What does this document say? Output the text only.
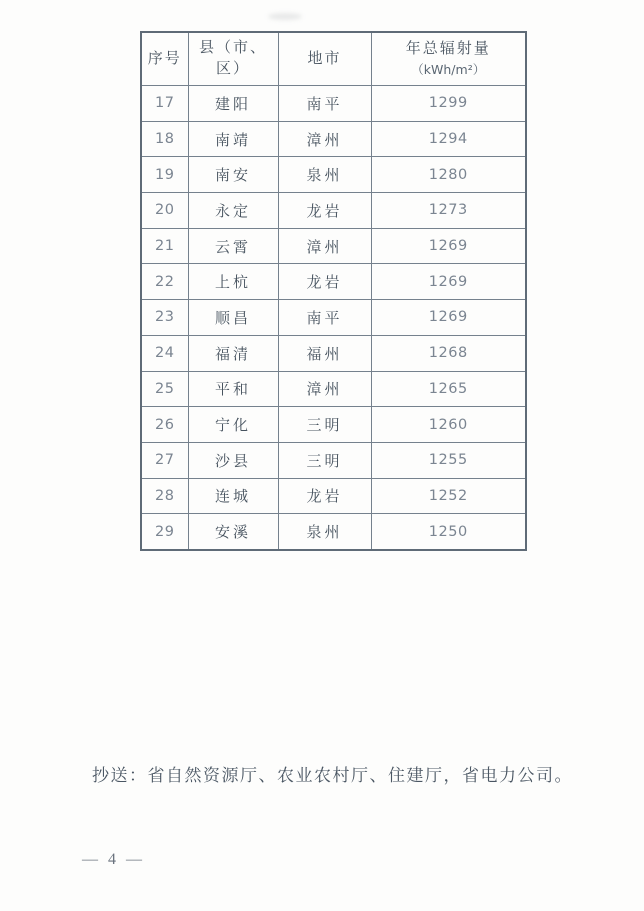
序号	县（市、区）	地市	年总辐射量
（kWh/m²）

17	建阳	南平	1299
18	南靖	漳州	1294
19	南安	泉州	1280
20	永定	龙岩	1273
21	云霄	漳州	1269
22	上杭	龙岩	1269
23	顺昌	南平	1269
24	福清	福州	1268
25	平和	漳州	1265
26	宁化	三明	1260
27	沙县	三明	1255
28	连城	龙岩	1252
29	安溪	泉州	1250
抄送：省自然资源厅、农业农村厅、住建厅，省电力公司。
— 4 —
